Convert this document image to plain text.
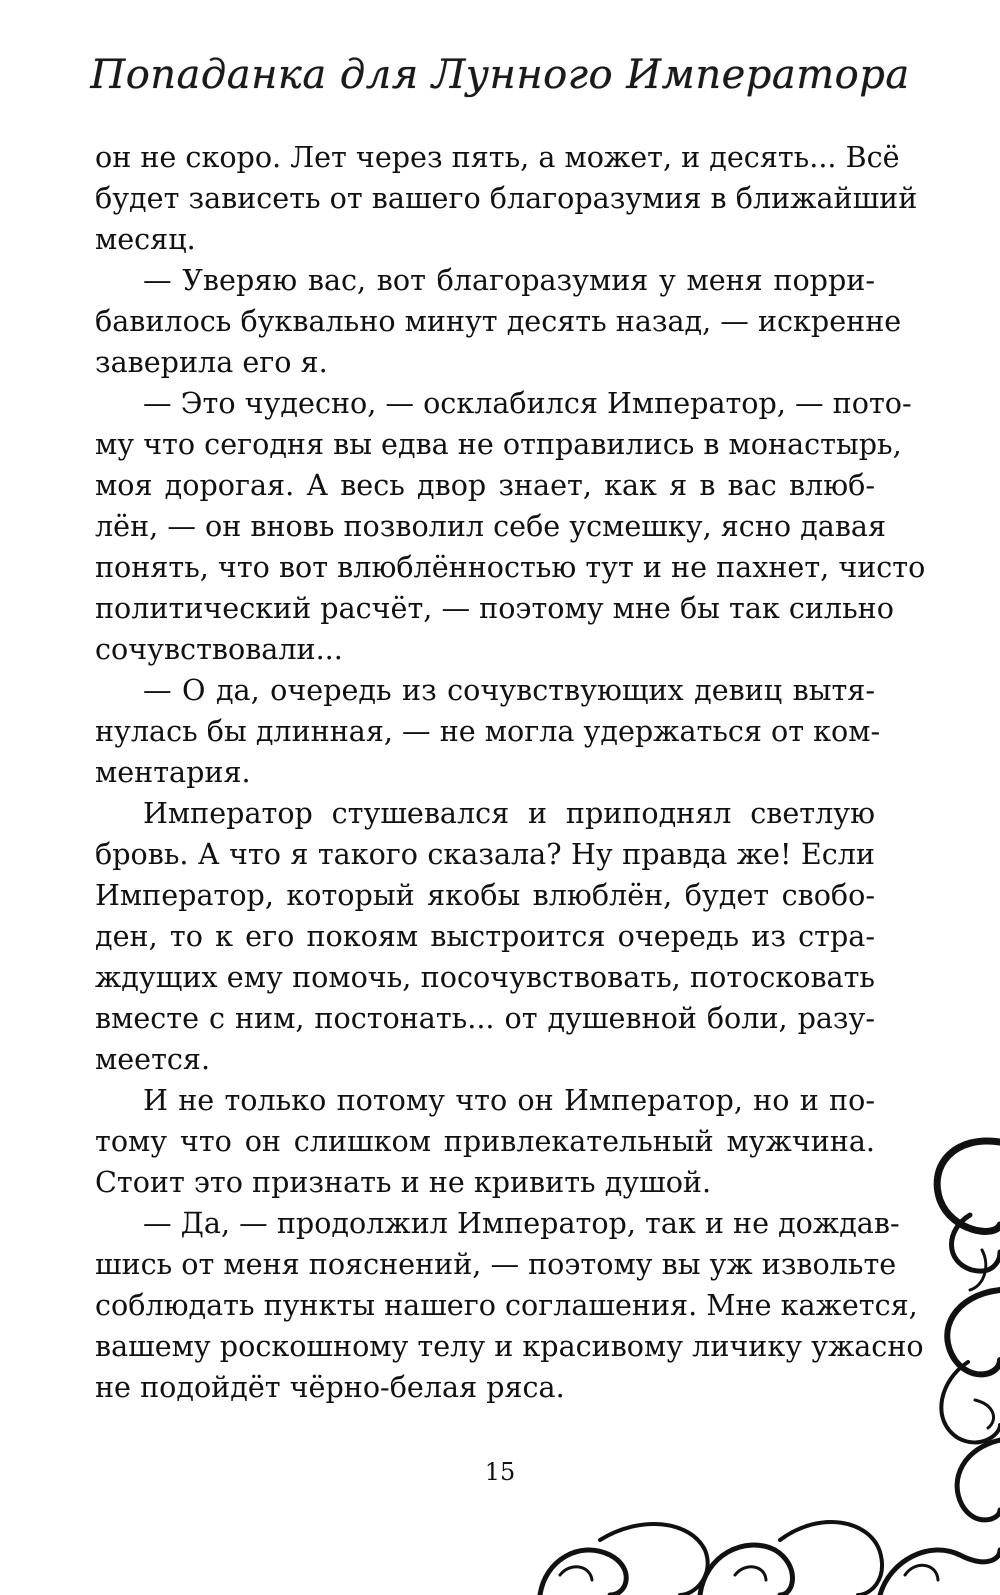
Попаданка для Лунного Императора
он не скоро. Лет через пять, а может, и десять... Всё
будет зависеть от вашего благоразумия в ближайший
месяц.
— Уверяю вас, вот благоразумия у меня поpри-
бавилось буквально минут десять назад, — искренне
заверила его я.
— Это чудесно, — осклабился Император, — пото-
му что сегодня вы едва не отправились в монастырь,
моя дорогая. А весь двор знает, как я в вас влюб-
лён, — он вновь позволил себе усмешку, ясно давая
понять, что вот влюблённостью тут и не пахнет, чисто
политический расчёт, — поэтому мне бы так сильно
сочувствовали...
— О да, очередь из сочувствующих девиц вытя-
нулась бы длинная, — не могла удержаться от ком-
ментария.
Император стушевался и приподнял светлую
бровь. А что я такого сказала? Ну правда же! Если
Император, который якобы влюблён, будет свобо-
ден, то к его покоям выстроится очередь из стра-
ждущих ему помочь, посочувствовать, потосковать
вместе с ним, постонать... от душевной боли, разу-
меется.
И не только потому что он Император, но и по-
тому что он слишком привлекательный мужчина.
Стоит это признать и не кривить душой.
— Да, — продолжил Император, так и не дождав-
шись от меня пояснений, — поэтому вы уж извольте
соблюдать пункты нашего соглашения. Мне кажется,
вашему роскошному телу и красивому личику ужасно
не подойдёт чёрно-белая ряса.
15
